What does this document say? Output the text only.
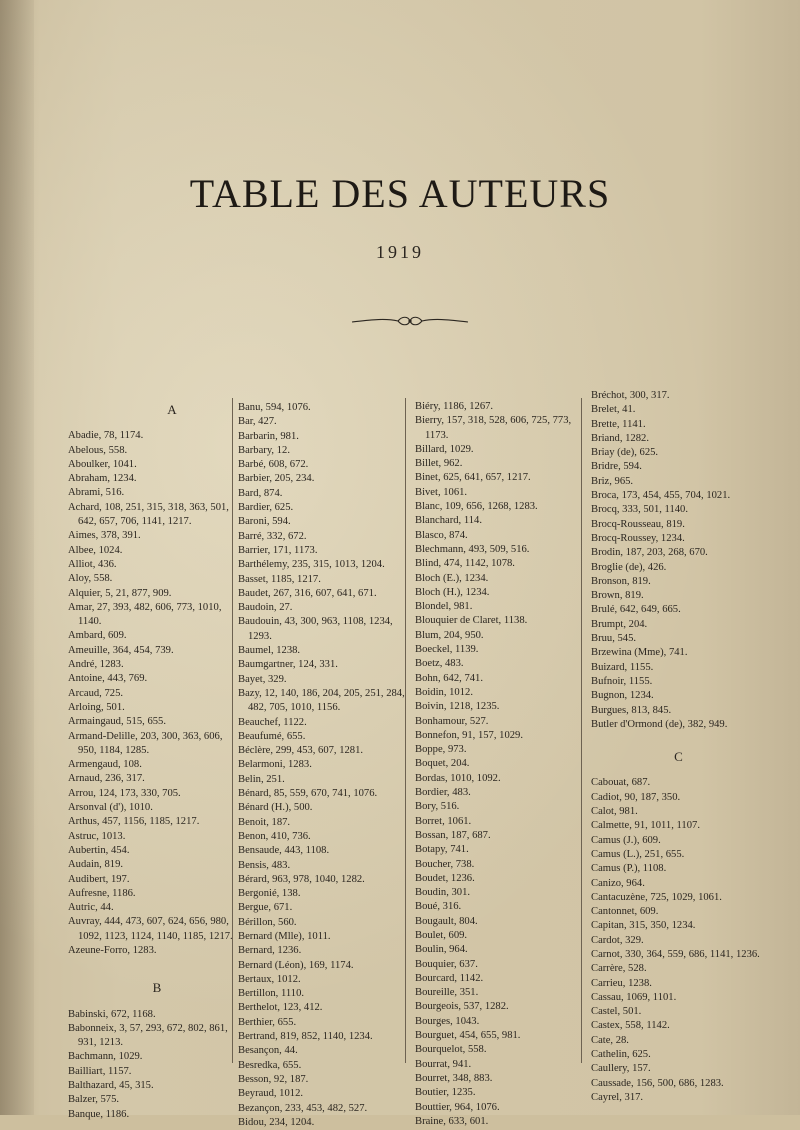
TABLE DES AUTEURS
1919
A
Abadie, 78, 1174.
Abelous, 558.
Aboulker, 1041.
Abraham, 1234.
Abrami, 516.
Achard, 108, 251, 315, 318, 363, 501, 642, 657, 706, 1141, 1217.
Aimes, 378, 391.
Albee, 1024.
Alliot, 436.
Aloy, 558.
Alquier, 5, 21, 877, 909.
Amar, 27, 393, 482, 606, 773, 1010, 1140.
Ambard, 609.
Ameuille, 364, 454, 739.
André, 1283.
Antoine, 443, 769.
Arcaud, 725.
Arloing, 501.
Armaingaud, 515, 655.
Armand-Delille, 203, 300, 363, 606, 950, 1184, 1285.
Armengaud, 108.
Arnaud, 236, 317.
Arrou, 124, 173, 330, 705.
Arsonval (d'), 1010.
Arthus, 457, 1156, 1185, 1217.
Astruc, 1013.
Aubertin, 454.
Audain, 819.
Audibert, 197.
Aufresne, 1186.
Autric, 44.
Auvray, 444, 473, 607, 624, 656, 980, 1092, 1123, 1124, 1140, 1185, 1217.
Azeune-Forro, 1283.
B
Babinski, 672, 1168.
Babonneix, 3, 57, 293, 672, 802, 861, 931, 1213.
Bachmann, 1029.
Bailliart, 1157.
Balthazard, 45, 315.
Balzer, 575.
Banque, 1186.
Banu, 594, 1076.
Bar, 427.
Barbarin, 981.
Barbary, 12.
Barbé, 608, 672.
Barbier, 205, 234.
Bard, 874.
Bardier, 625.
Baroni, 594.
Barré, 332, 672.
Barrier, 171, 1173.
Barthélemy, 235, 315, 1013, 1204.
Basset, 1185, 1217.
Baudet, 267, 316, 607, 641, 671.
Baudoin, 27.
Baudouin, 43, 300, 963, 1108, 1234, 1293.
Baumel, 1238.
Baumgartner, 124, 331.
Bayet, 329.
Bazy, 12, 140, 186, 204, 205, 251, 284, 482, 705, 1010, 1156.
Beauchef, 1122.
Beaufumé, 655.
Béclère, 299, 453, 607, 1281.
Belarmoni, 1283.
Belin, 251.
Bénard, 85, 559, 670, 741, 1076.
Bénard (H.), 500.
Benoit, 187.
Benon, 410, 736.
Bensaude, 443, 1108.
Bensis, 483.
Bérard, 963, 978, 1040, 1282.
Bergonié, 138.
Bergue, 671.
Bérillon, 560.
Bernard (Mlle), 1011.
Bernard, 1236.
Bernard (Léon), 169, 1174.
Bertaux, 1012.
Bertillon, 1110.
Berthelot, 123, 412.
Berthier, 655.
Bertrand, 819, 852, 1140, 1234.
Besançon, 44.
Besredka, 655.
Besson, 92, 187.
Beyraud, 1012.
Bezançon, 233, 453, 482, 527.
Bidou, 234, 1204.
Biéry, 1186, 1267.
Bierry, 157, 318, 528, 606, 725, 773, 1173.
Billard, 1029.
Billet, 962.
Binet, 625, 641, 657, 1217.
Bivet, 1061.
Blanc, 109, 656, 1268, 1283.
Blanchard, 114.
Blasco, 874.
Blechmann, 493, 509, 516.
Blind, 474, 1142, 1078.
Bloch (E.), 1234.
Bloch (H.), 1234.
Blondel, 981.
Blouquier de Claret, 1138.
Blum, 204, 950.
Boeckel, 1139.
Boetz, 483.
Bohn, 642, 741.
Boidin, 1012.
Boivin, 1218, 1235.
Bonhamour, 527.
Bonnefon, 91, 157, 1029.
Boppe, 973.
Boquet, 204.
Bordas, 1010, 1092.
Bordier, 483.
Bory, 516.
Borret, 1061.
Bossan, 187, 687.
Botapy, 741.
Boucher, 738.
Boudet, 1236.
Boudin, 301.
Boué, 316.
Bougault, 804.
Boulet, 609.
Boulin, 964.
Bouquier, 637.
Bourcard, 1142.
Boureille, 351.
Bourgeois, 537, 1282.
Bourges, 1043.
Bourguet, 454, 655, 981.
Bourquelot, 558.
Bourrat, 941.
Bourret, 348, 883.
Boutier, 1235.
Bouttier, 964, 1076.
Braine, 633, 601.
Bréchot, 300, 317.
Brelet, 41.
Brette, 1141.
Briand, 1282.
Briay (de), 625.
Bridre, 594.
Briz, 965.
Broca, 173, 454, 455, 704, 1021.
Brocq, 333, 501, 1140.
Brocq-Rousseau, 819.
Brocq-Roussey, 1234.
Brodin, 187, 203, 268, 670.
Broglie (de), 426.
Bronson, 819.
Brown, 819.
Brulé, 642, 649, 665.
Brumpt, 204.
Bruu, 545.
Brzewina (Mme), 741.
Buizard, 1155.
Bufnoir, 1155.
Bugnon, 1234.
Burgues, 813, 845.
Butler d'Ormond (de), 382, 949.
C
Cabouat, 687.
Cadiot, 90, 187, 350.
Calot, 981.
Calmette, 91, 1011, 1107.
Camus (J.), 609.
Camus (L.), 251, 655.
Camus (P.), 1108.
Canizo, 964.
Cantacuzène, 725, 1029, 1061.
Cantonnet, 609.
Capitan, 315, 350, 1234.
Cardot, 329.
Carnot, 330, 364, 559, 686, 1141, 1236.
Carrère, 528.
Carrieu, 1238.
Cassau, 1069, 1101.
Castel, 501.
Castex, 558, 1142.
Cate, 28.
Cathelin, 625.
Caullery, 157.
Caussade, 156, 500, 686, 1283.
Cayrel, 317.
